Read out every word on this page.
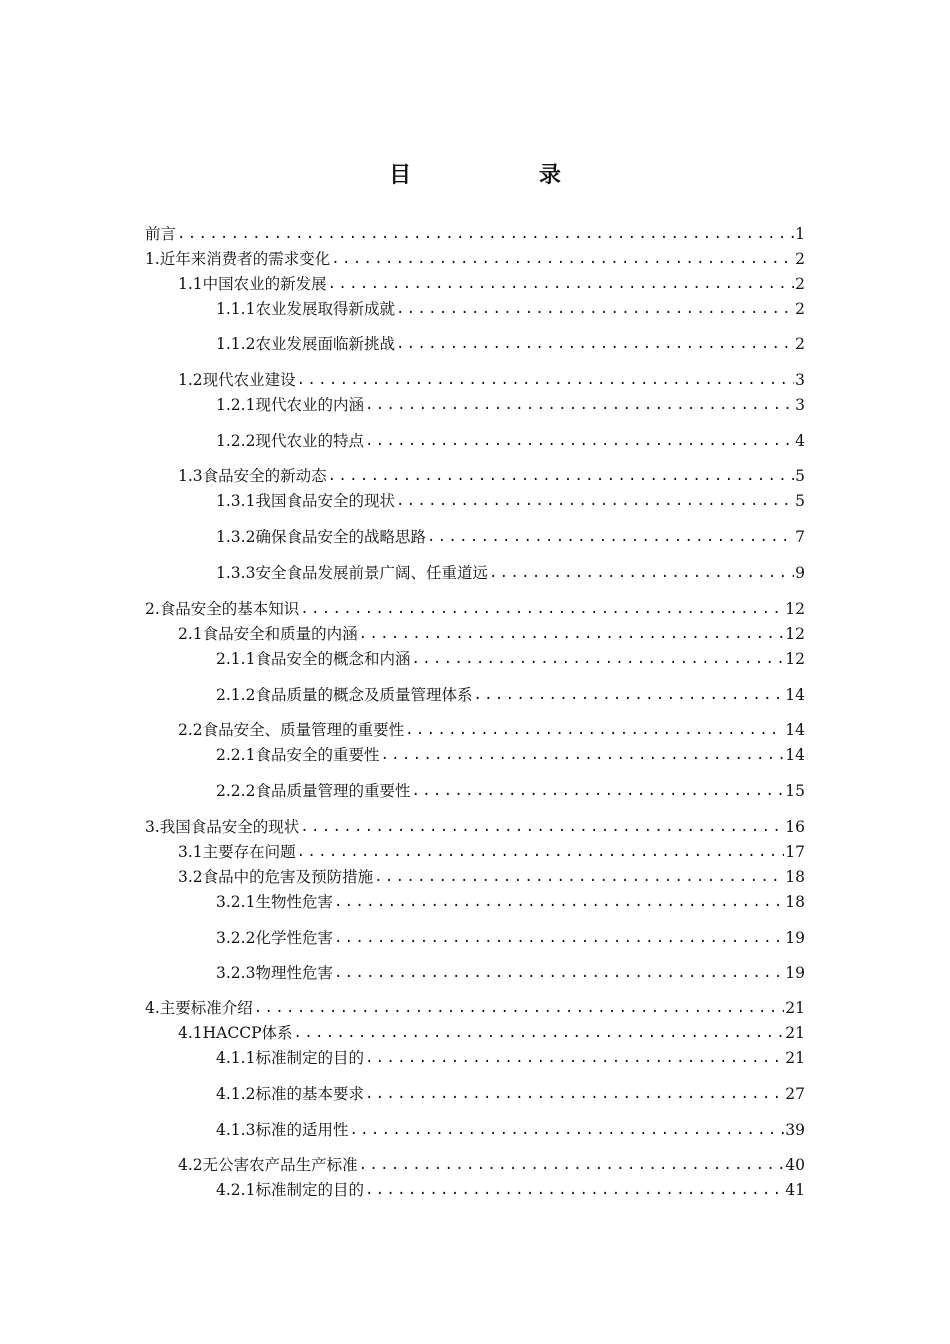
目 录
前言 .....	1
1.近年来消费者的需求变化 .....	2
1.1中国农业的新发展 .....	2
1.1.1农业发展取得新成就 .....	2
1.1.2农业发展面临新挑战 .....	2
1.2现代农业建设 .....	3
1.2.1现代农业的内涵 .....	3
1.2.2现代农业的特点 .....	4
1.3食品安全的新动态 .....	5
1.3.1我国食品安全的现状 .....	5
1.3.2确保食品安全的战略思路 .....	7
1.3.3安全食品发展前景广阔、任重道远 .....	9
2.食品安全的基本知识 .....	12
2.1食品安全和质量的内涵 .....	12
2.1.1食品安全的概念和内涵 .....	12
2.1.2食品质量的概念及质量管理体系 .....	14
2.2食品安全、质量管理的重要性 .....	14
2.2.1食品安全的重要性 .....	14
2.2.2食品质量管理的重要性 .....	15
3.我国食品安全的现状 .....	16
3.1主要存在问题 .....	17
3.2食品中的危害及预防措施 .....	18
3.2.1生物性危害 .....	18
3.2.2化学性危害 .....	19
3.2.3物理性危害 .....	19
4.主要标准介绍 .....	21
4.1HACCP体系 .....	21
4.1.1标准制定的目的 .....	21
4.1.2标准的基本要求 .....	27
4.1.3标准的适用性 .....	39
4.2无公害农产品生产标准 .....	40
4.2.1标准制定的目的 .....	41
